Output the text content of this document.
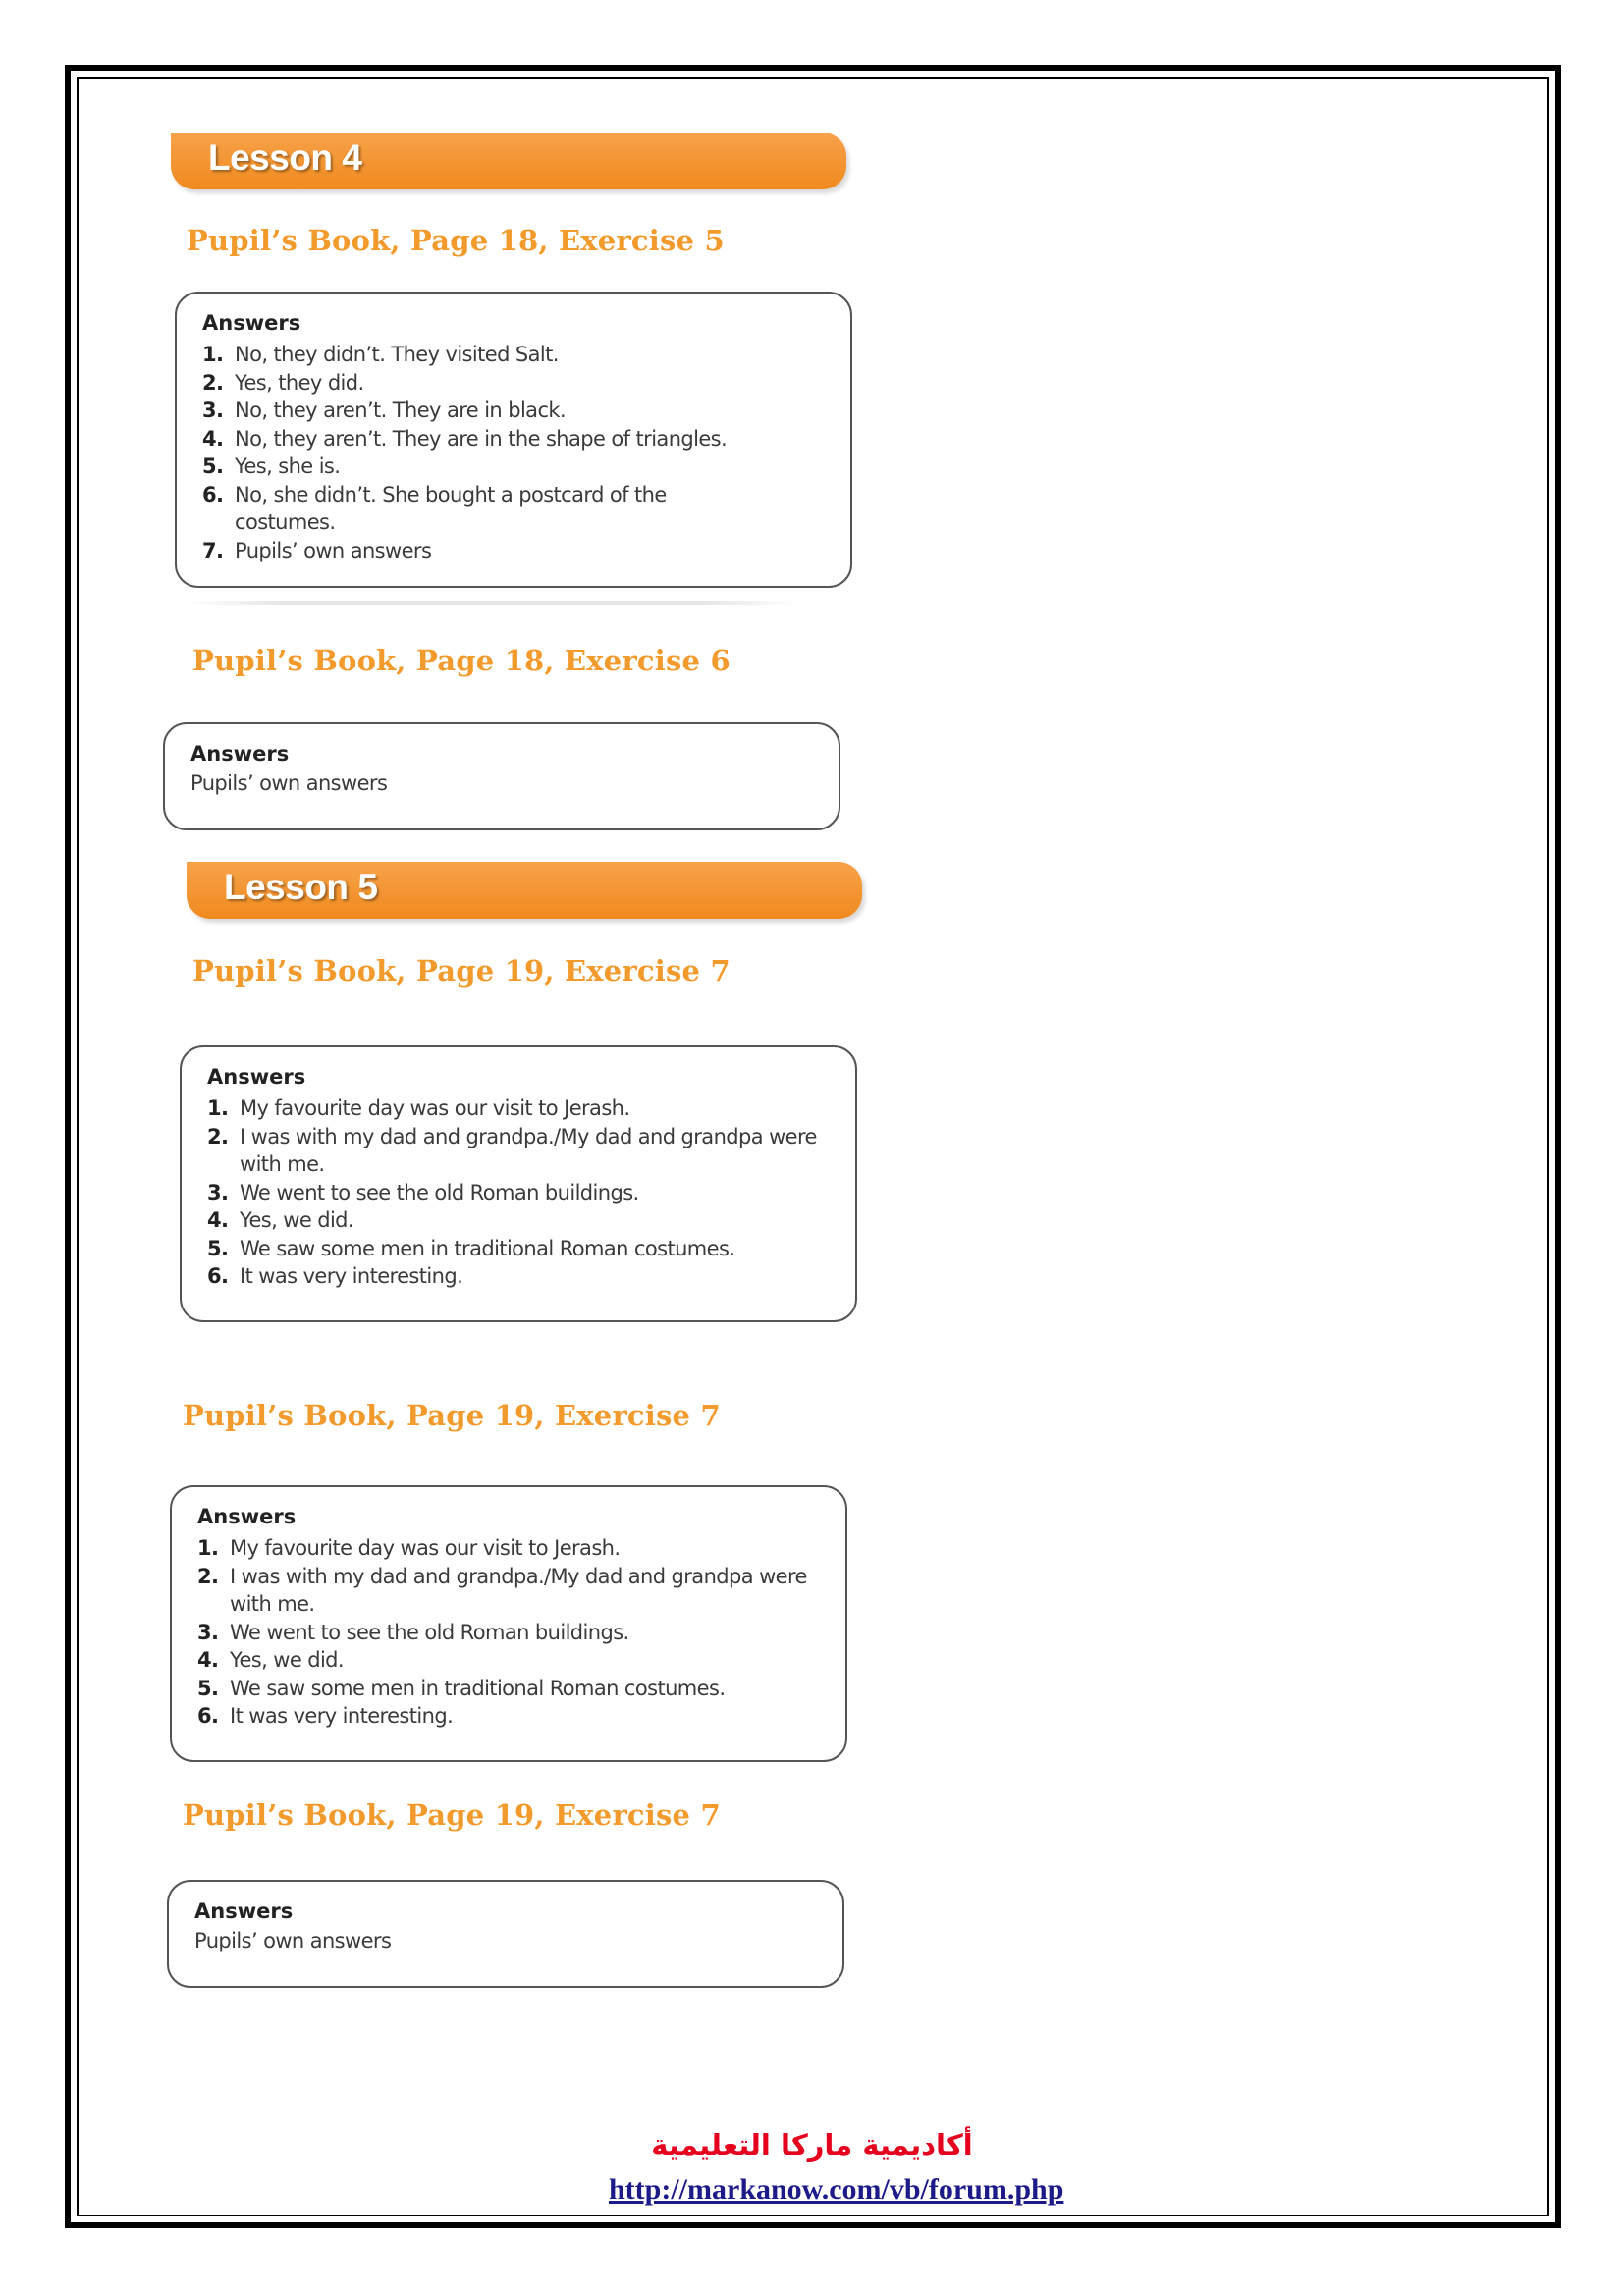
Lesson 4
Pupil’s Book, Page 18, Exercise 5
Answers
1. No, they didn’t. They visited Salt.
2. Yes, they did.
3. No, they aren’t. They are in black.
4. No, they aren’t. They are in the shape of triangles.
5. Yes, she is.
6. No, she didn’t. She bought a postcard of the costumes.
7. Pupils’ own answers
Pupil’s Book, Page 18, Exercise 6
Answers
Pupils’ own answers
Lesson 5
Pupil’s Book, Page 19, Exercise 7
Answers
1. My favourite day was our visit to Jerash.
2. I was with my dad and grandpa./My dad and grandpa were with me.
3. We went to see the old Roman buildings.
4. Yes, we did.
5. We saw some men in traditional Roman costumes.
6. It was very interesting.
Pupil’s Book, Page 19, Exercise 7
Answers
1. My favourite day was our visit to Jerash.
2. I was with my dad and grandpa./My dad and grandpa were with me.
3. We went to see the old Roman buildings.
4. Yes, we did.
5. We saw some men in traditional Roman costumes.
6. It was very interesting.
Pupil’s Book, Page 19, Exercise 7
Answers
Pupils’ own answers
أكاديمية ماركا التعليمية
http://markanow.com/vb/forum.php
